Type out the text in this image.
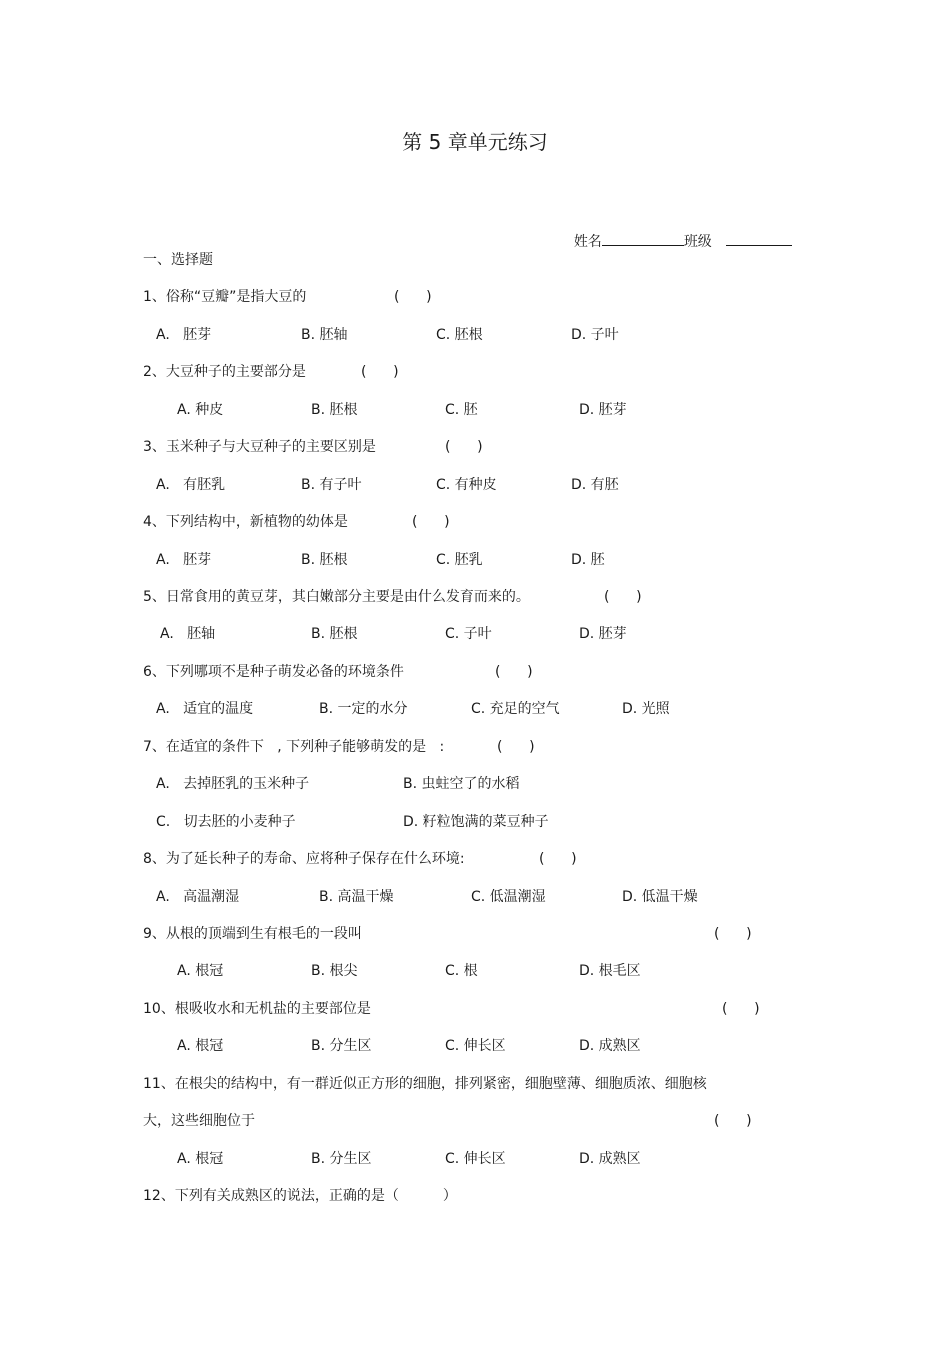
第 5 章单元练习

姓名	班级

一、选择题
1、俗称“豆瓣”是指大豆的	(      )
A.   胚芽	B. 胚轴	C. 胚根	D. 子叶
2、大豆种子的主要部分是	(      )
A. 种皮	B. 胚根	C. 胚	D. 胚芽
3、玉米种子与大豆种子的主要区别是	(      )
A.   有胚乳	B. 有子叶	C. 有种皮	D. 有胚
4、下列结构中，新植物的幼体是	(      )
A.   胚芽	B. 胚根	C. 胚乳	D. 胚
5、日常食用的黄豆芽，其白嫩部分主要是由什么发育而来的。	(      )
A.   胚轴	B. 胚根	C. 子叶	D. 胚芽
6、下列哪项不是种子萌发必备的环境条件	(      )
A.   适宜的温度	B. 一定的水分	C. 充足的空气	D. 光照
7、在适宜的条件下   , 下列种子能够萌发的是   :	(      )
A.   去掉胚乳的玉米种子	B. 虫蛀空了的水稻
C.   切去胚的小麦种子	D. 籽粒饱满的菜豆种子
8、为了延长种子的寿命、应将种子保存在什么环境:	(      )
A.   高温潮湿	B. 高温干燥	C. 低温潮湿	D. 低温干燥
9、从根的顶端到生有根毛的一段叫	(      )
A. 根冠	B. 根尖	C. 根	D. 根毛区
10、根吸收水和无机盐的主要部位是	(      )
A. 根冠	B. 分生区	C. 伸长区	D. 成熟区
11、在根尖的结构中，有一群近似正方形的细胞，排列紧密，细胞壁薄、细胞质浓、细胞核
大，这些细胞位于	(      )
A. 根冠	B. 分生区	C. 伸长区	D. 成熟区
12、下列有关成熟区的说法，正确的是（	）
